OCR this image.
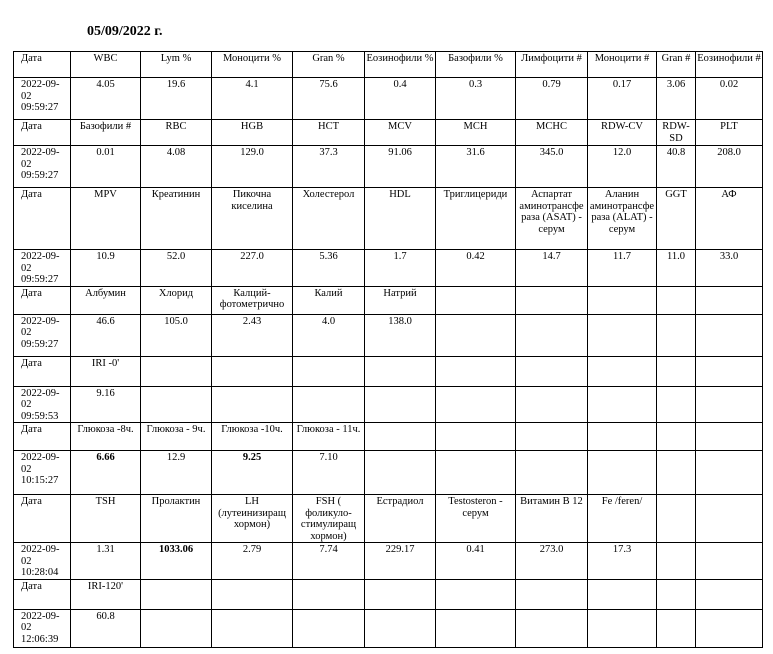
05/09/2022 г.
Дата	WBC	Lym %	Моноцити %	Gran %	Еозинофили %	Базофили %	Лимфоцити #	Моноцити #	Gran #	Еозинофили #
2022-09-02 09:59:27	4.05	19.6	4.1	75.6	0.4	0.3	0.79	0.17	3.06	0.02
Дата	Базофили #	RBC	HGB	HCT	MCV	MCH	MCHC	RDW-CV	RDW-SD	PLT
2022-09-02 09:59:27	0.01	4.08	129.0	37.3	91.06	31.6	345.0	12.0	40.8	208.0
Дата	MPV	Креатинин	Пикочна киселина	Холестерол	HDL	Триглицериди	Аспартат аминотрансфераза (ASAT) - серум	Аланин аминотрансфераза (ALAT) - серум	GGT	АФ
2022-09-02 09:59:27	10.9	52.0	227.0	5.36	1.7	0.42	14.7	11.7	11.0	33.0
Дата	Албумин	Хлорид	Калций-фотометрично	Калий	Натрий					
2022-09-02 09:59:27	46.6	105.0	2.43	4.0	138.0					
Дата	IRI -0'									
2022-09-02 09:59:53	9.16									
Дата	Глюкоза -8ч.	Глюкоза - 9ч.	Глюкоза -10ч.	Глюкоза - 11ч.						
2022-09-02 10:15:27	6.66	12.9	9.25	7.10						
Дата	TSH	Пролактин	LH (лутеинизиращ хормон)	FSH ( фоликуло-стимулиращ хормон)	Естрадиол	Testosteron - серум	Витамин В 12	Fe /feren/		
2022-09-02 10:28:04	1.31	1033.06	2.79	7.74	229.17	0.41	273.0	17.3		
Дата	IRI-120'									
2022-09-02 12:06:39	60.8									
